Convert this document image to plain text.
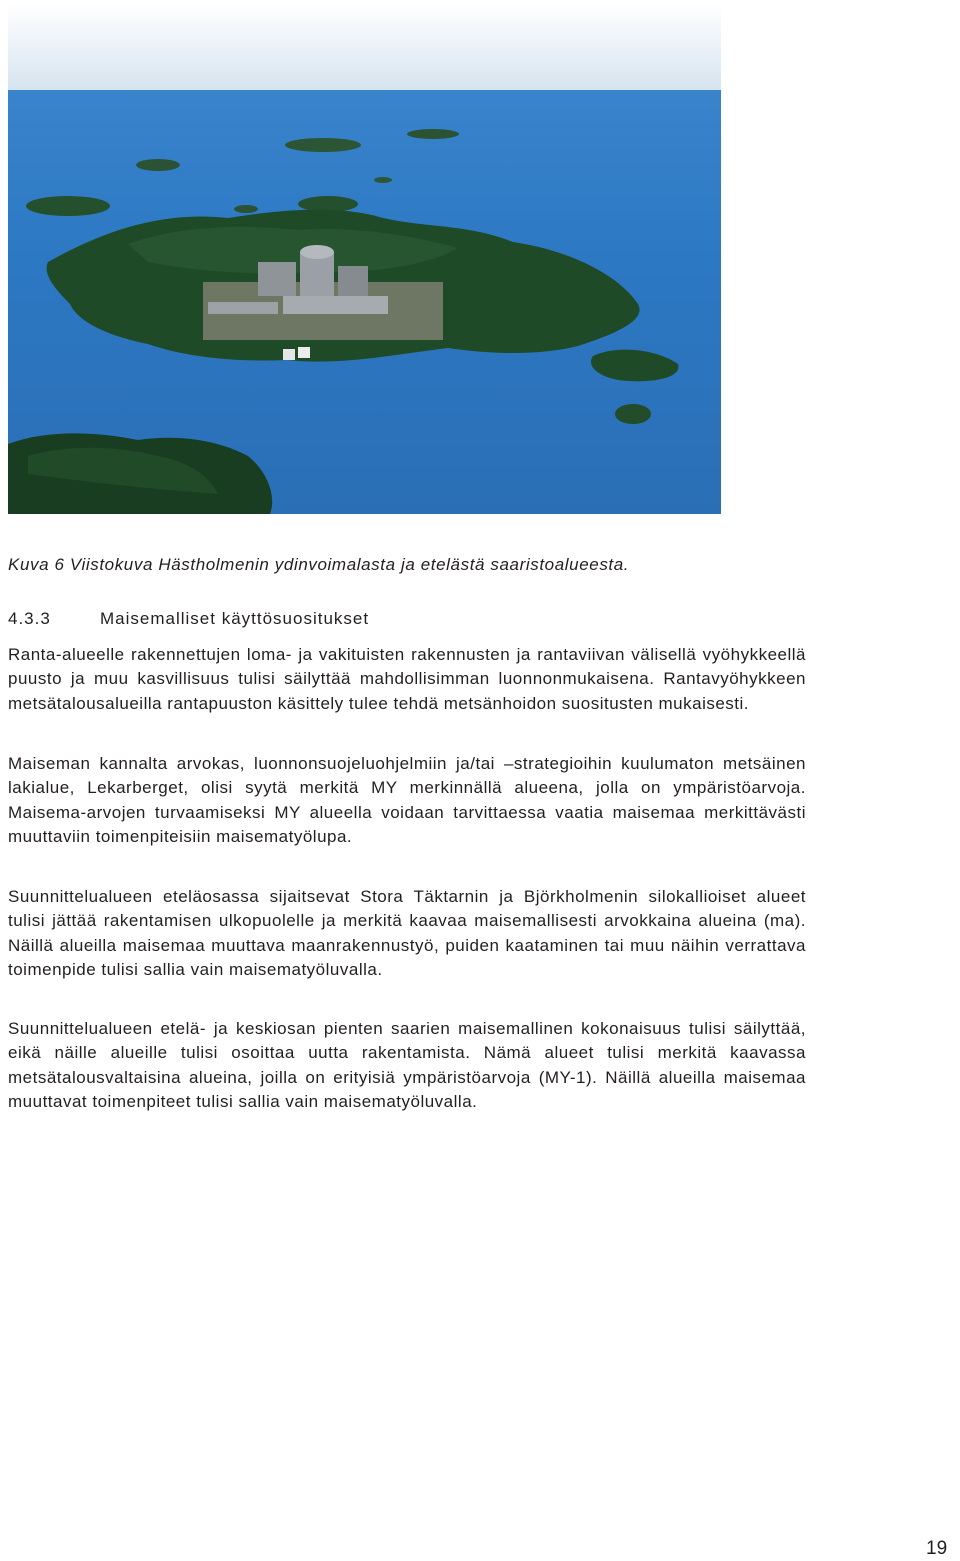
Kuva 6 Viistokuva Hästholmenin ydinvoimalasta ja etelästä saaristoalueesta.
4.3.3	Maisemalliset käyttösuositukset

Ranta-alueelle rakennettujen loma- ja vakituisten rakennusten ja rantaviivan välisellä vyöhykkeellä puusto ja muu kasvillisuus tulisi säilyttää mahdollisimman luonnonmukaisena. Rantavyöhykkeen metsätalousalueilla rantapuuston käsittely tulee tehdä metsänhoidon suositusten mukaisesti.

Maiseman kannalta arvokas, luonnonsuojeluohjelmiin ja/tai –strategioihin kuulumaton metsäinen lakialue, Lekarberget, olisi syytä merkitä MY merkinnällä alueena, jolla on ympäristöarvoja. Maisema-arvojen turvaamiseksi MY alueella voidaan tarvittaessa vaatia maisemaa merkittävästi muuttaviin toimenpiteisiin maisematyölupa.

Suunnittelualueen eteläosassa sijaitsevat Stora Täktarnin ja Björkholmenin silokallioiset alueet tulisi jättää rakentamisen ulkopuolelle ja merkitä kaavaa maisemallisesti arvokkaina alueina (ma). Näillä alueilla maisemaa muuttava maanrakennustyö, puiden kaataminen tai muu näihin verrattava toimenpide tulisi sallia vain maisematyöluvalla.

Suunnittelualueen etelä- ja keskiosan pienten saarien maisemallinen kokonaisuus tulisi säilyttää, eikä näille alueille tulisi osoittaa uutta rakentamista. Nämä alueet tulisi merkitä kaavassa metsätalousvaltaisina alueina, joilla on erityisiä ympäristöarvoja (MY-1). Näillä alueilla maisemaa muuttavat toimenpiteet tulisi sallia vain maisematyöluvalla.

19
